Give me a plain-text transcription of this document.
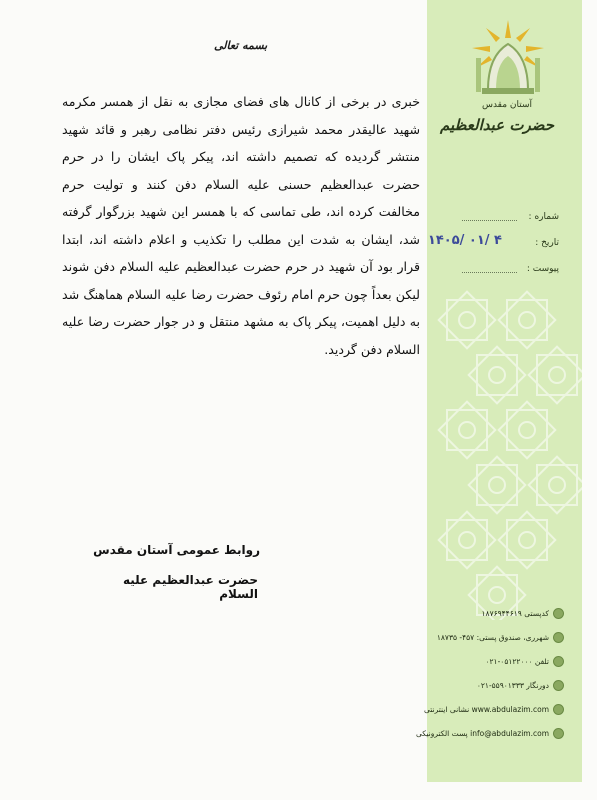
آستان مقدس
حضرت عبدالعظیم
شماره :
تاریخ :
۱۴۰۵/ ۰۱/ ۴
پیوست :
بسمه تعالی

خبری در برخی از کانال های فضای مجازی به نقل از همسر مکرمه شهید عالیقدر محمد شیرازی رئیس دفتر نظامی رهبر و قائد شهید منتشر گردیده که تصمیم داشته اند، پیکر پاک ایشان را در حرم حضرت عبدالعظیم حسنی علیه السلام دفن کنند و تولیت حرم مخالفت کرده اند، طی تماسی که با همسر این شهید بزرگوار گرفته شد، ایشان به شدت این مطلب را تکذیب و اعلام داشته اند، ابتدا قرار بود آن شهید در حرم حضرت عبدالعظیم علیه السلام دفن شوند لیکن بعداً چون حرم امام رئوف حضرت رضا علیه السلام هماهنگ شد به دلیل اهمیت، پیکر پاک به مشهد منتقل و در جوار حضرت رضا علیه السلام دفن گردید.

روابط عمومی آستان مقدس
حضرت عبدالعظیم علیه السلام
کدپستی ۱۸۷۶۹۴۴۶۱۹
شهرری، صندوق پستی: ۴۵۷- ۱۸۷۳۵
تلفن ۰۵۱۲۲۰۰۰-۰۲۱
دورنگار ۵۵۹۰۱۳۳۳-۰۲۱
نشانی اینترنتی www.abdulazim.com
پست الکترونیکی info@abdulazim.com
